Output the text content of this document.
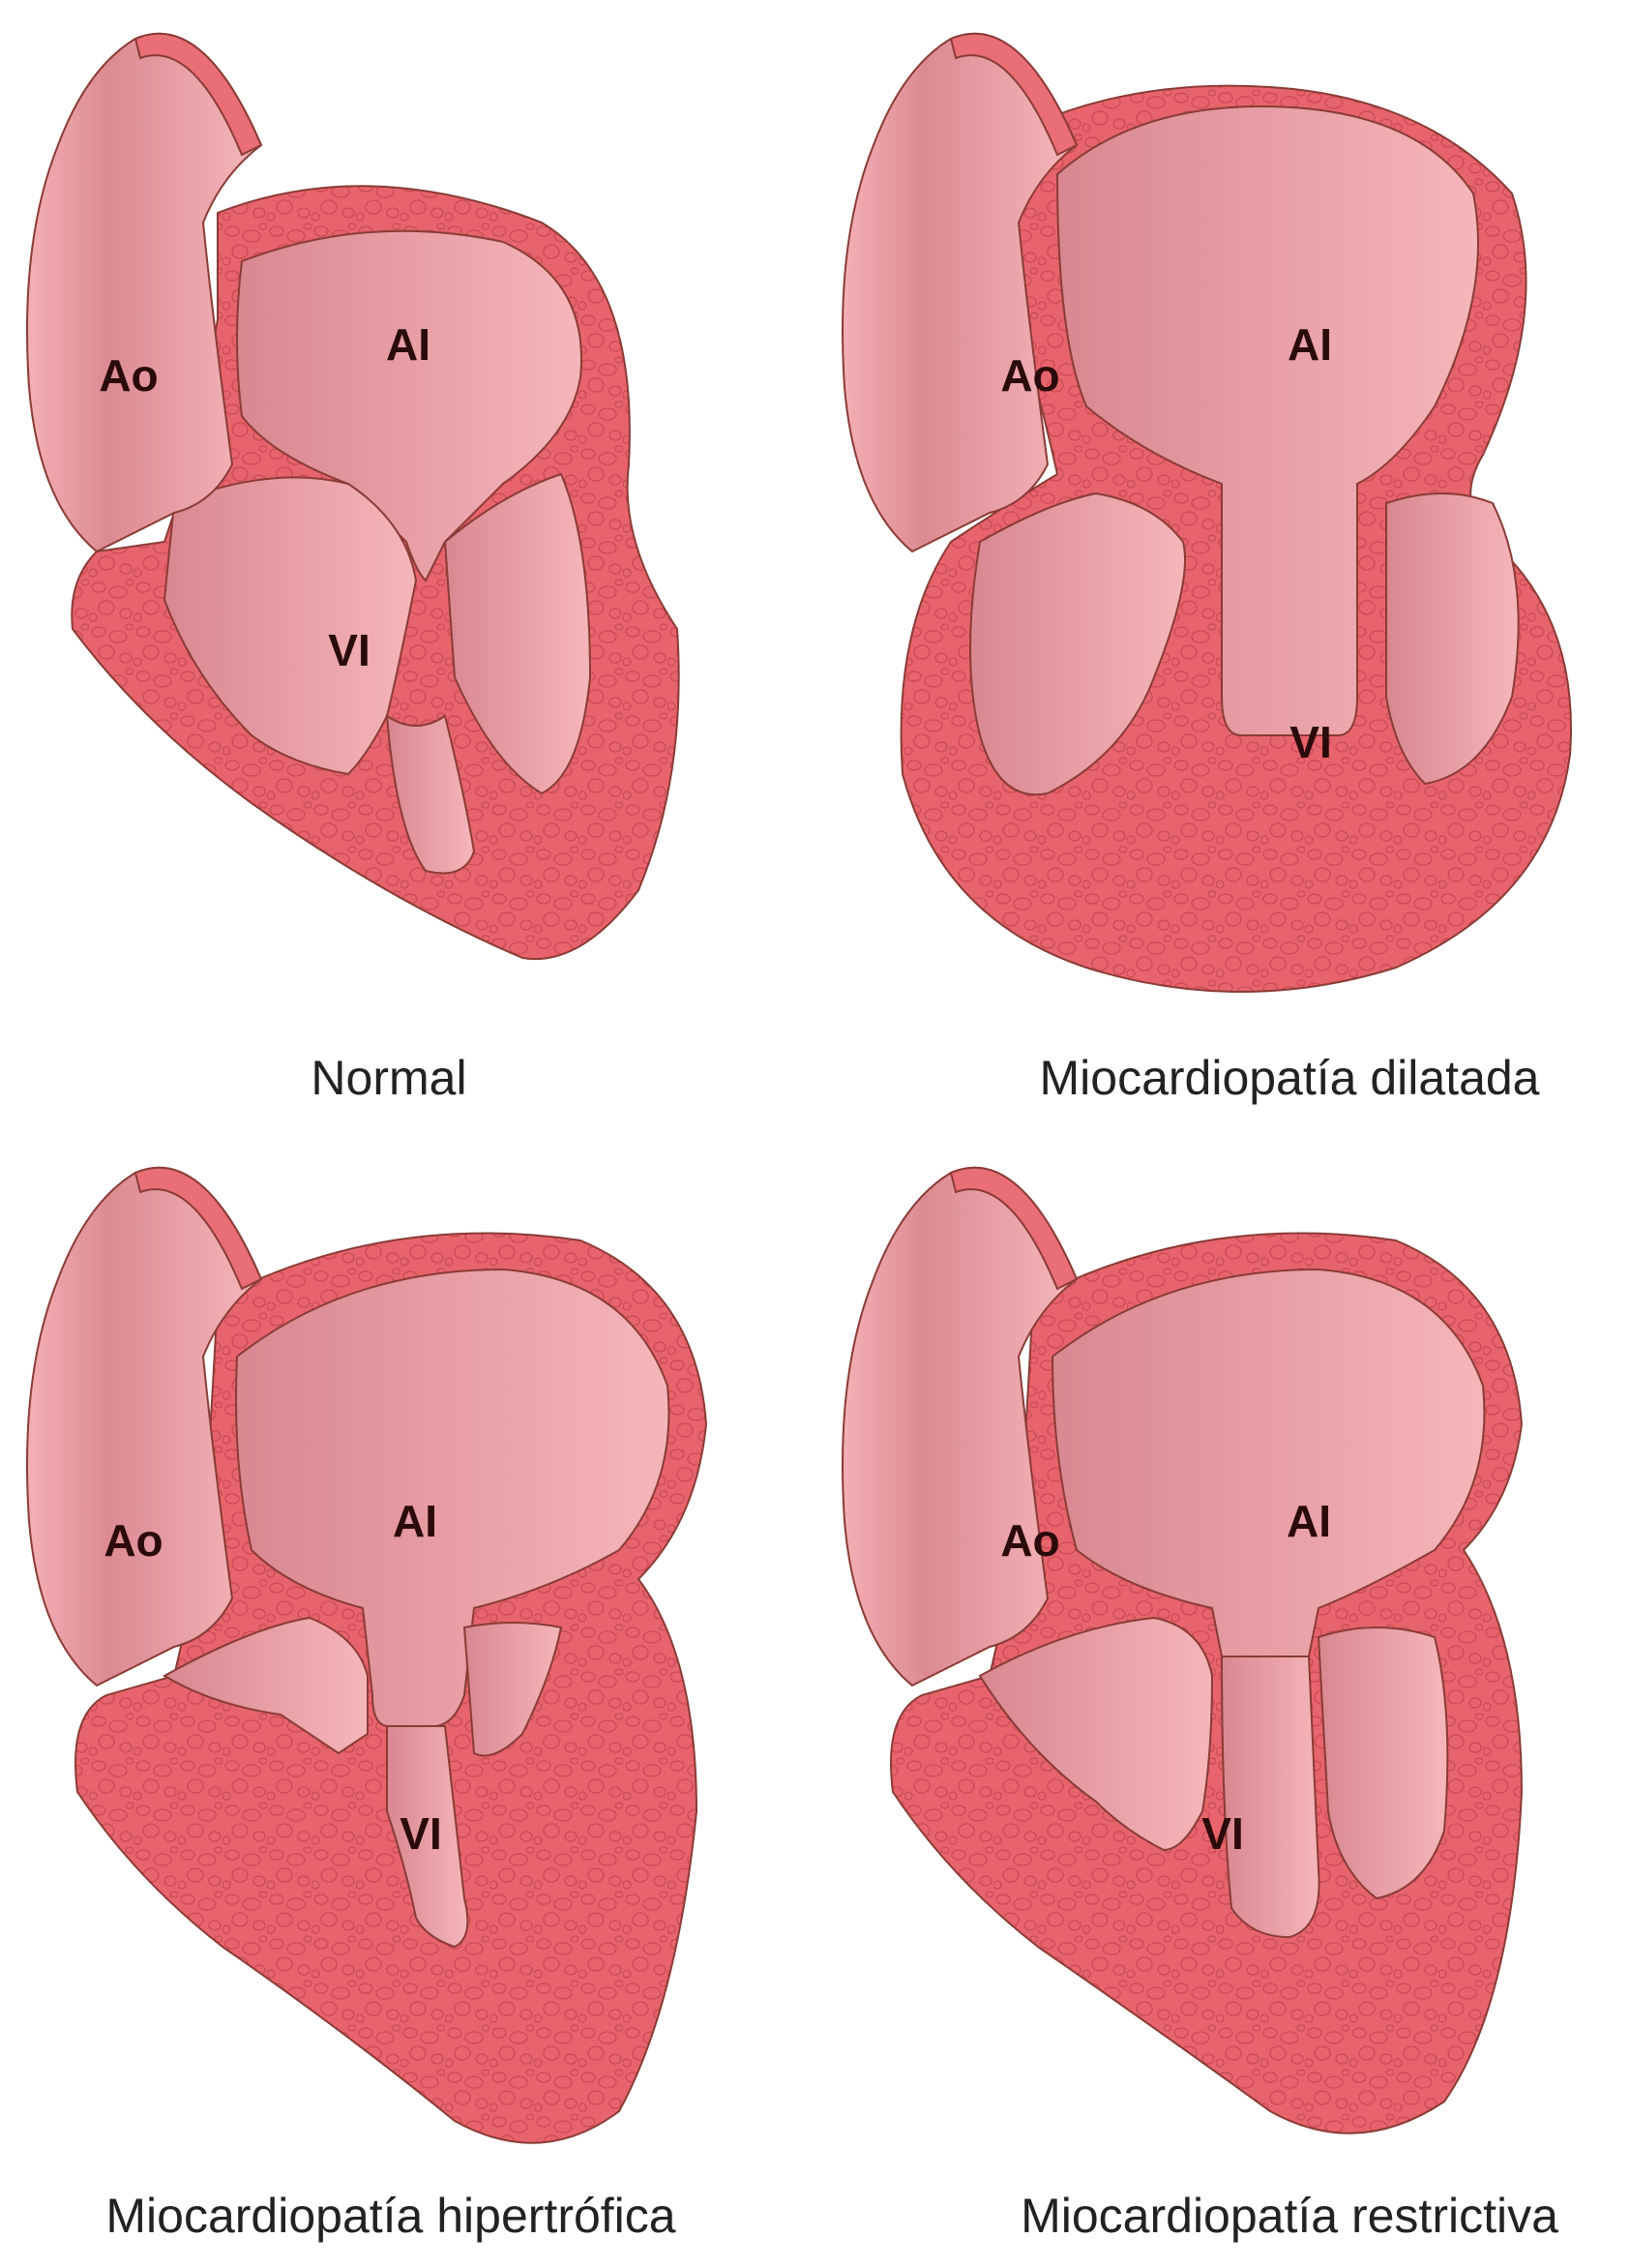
Ao
AI
VI
Normal
Ao
AI
VI
Miocardiopatía dilatada
Ao	AI
VI
Miocardiopatía hipertrófica
Ao	AI
VI
Miocardiopatía restrictiva
